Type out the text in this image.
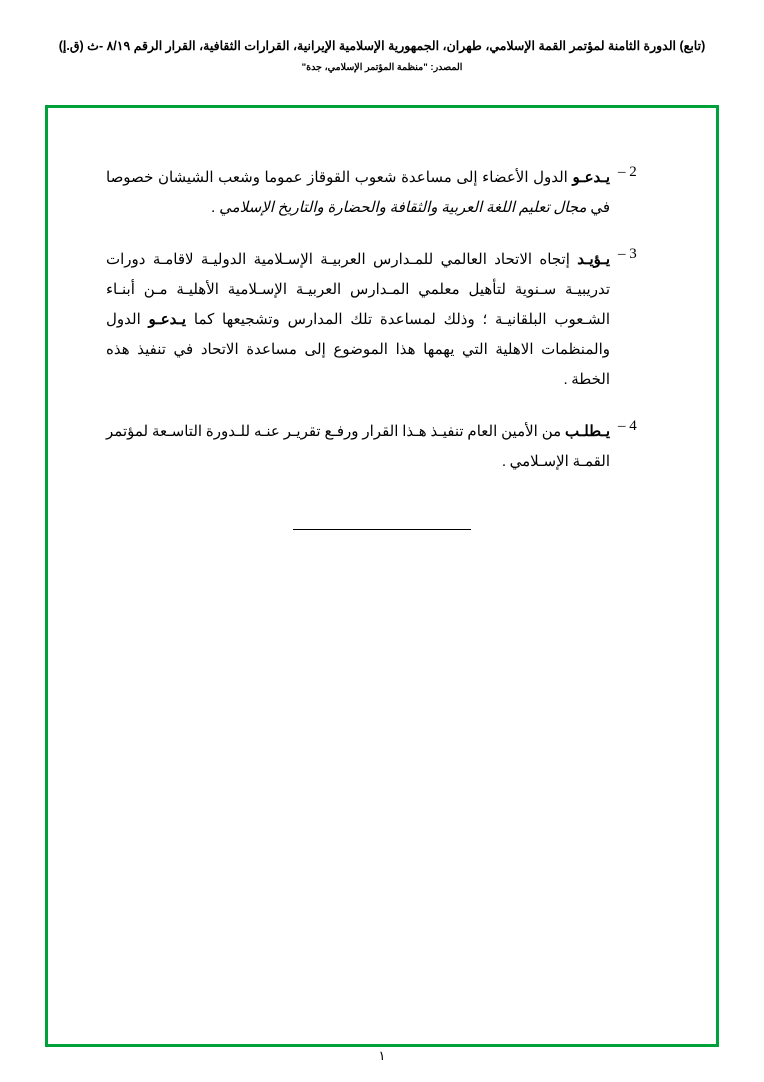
(تابع) الدورة الثامنة لمؤتمر القمة الإسلامي، طهران، الجمهورية الإسلامية الإيرانية، القرارات الثقافية، القرار الرقم ٨/١٩ -ث (ق.إ)
المصدر: "منظمة المؤتمر الإسلامي، جدة"
2 –
يـدعـو الدول الأعضاء إلى مساعدة شعوب القوقاز عموما وشعب الشيشان خصوصا في مجال تعليم اللغة العربية والثقافة والحضارة والتاريخ الإسلامي .
3 –
يـؤيـد إتجاه الاتحاد العالمي للمـدارس العربيـة الإسـلامية الدوليـة لاقامـة دورات تدريبيـة سـنوية لتأهيل معلمي المـدارس العربيـة الإسـلامية الأهليـة مـن أبنـاء الشـعوب البلقانيـة ؛ وذلك لمساعدة تلك المدارس وتشجيعها كما يـدعـو الدول والمنظمات الاهلية التي يهمها هذا الموضوع إلى مساعدة الاتحاد في تنفيذ هذه الخطة .
4 –
يـطلـب من الأمين العام تنفيـذ هـذا القرار ورفـع تقريـر عنـه للـدورة التاسـعة لمؤتمر القمـة الإسـلامي .
١
